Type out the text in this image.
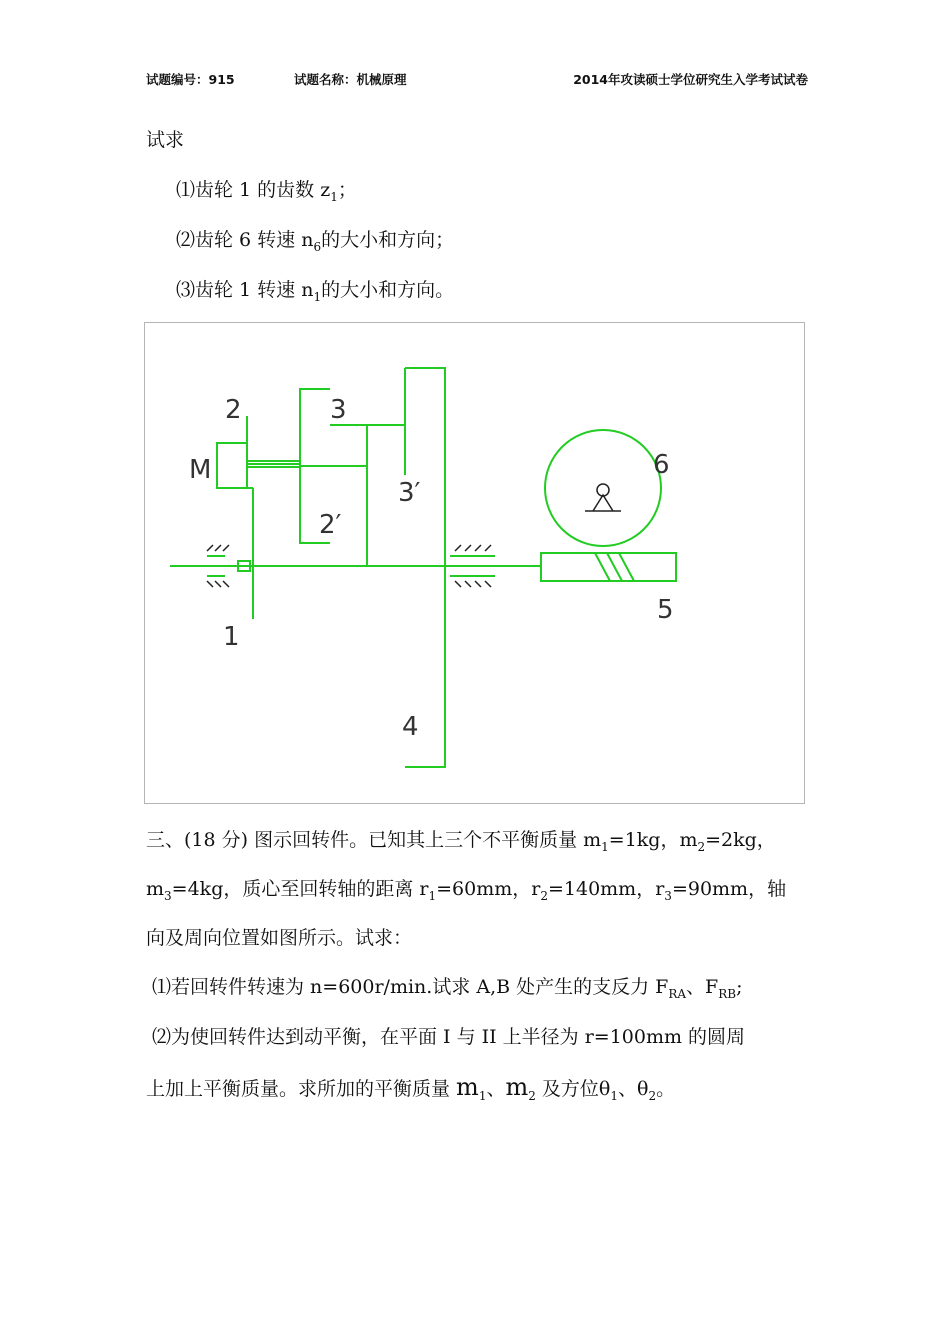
试题编号：915	试题名称：机械原理	2014年攻读硕士学位研究生入学考试试卷
试求
⑴齿轮 1 的齿数 $z_1$；
⑵齿轮 6 转速 $n_6$的大小和方向；
⑶齿轮 1 转速 $n_1$的大小和方向。
2	3
M
2′
3′
6
1
5
4
三、(18 分) 图示回转件。已知其上三个不平衡质量 $m_1=1kg$，$m_2=2kg$，
$m_3=4kg$，质心至回转轴的距离 $r_1=60mm$，$r_2=140mm$，$r_3=90mm$，轴
向及周向位置如图所示。试求：
⑴若回转件转速为 n=600r/min.试求 A,B 处产生的支反力 $F_{RA}$、$F_{RB}$;
⑵为使回转件达到动平衡，在平面 I 与 II 上半径为 r=100mm 的圆周
上加上平衡质量。求所加的平衡质量 $m_1$、$m_2$ 及方位$\theta_1$、$\theta_2$。
